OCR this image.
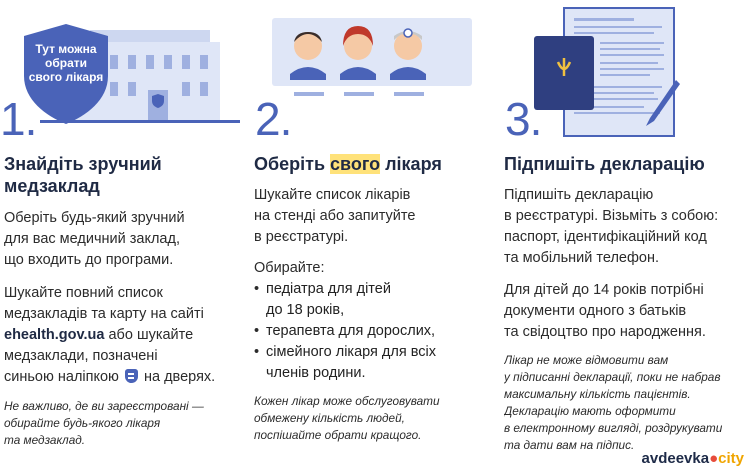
Тут можна
обрати
свого лікаря
1.
Знайдіть зручний
медзаклад
Оберіть будь-який зручний
для вас медичний заклад,
що входить до програми.
Шукайте повний список
медзакладів та карту на сайті
ehealth.gov.ua або шукайте
медзаклади, позначені
синьою наліпкою на дверях.
Не важливо, де ви зареєстровані —
обирайте будь-якого лікаря
та медзаклад.
2.
Оберіть свого лікаря
Шукайте список лікарів
на стенді або запитуйте
в реєстратурі.
Обирайте:
• педіатра для дітей
до 18 років,
• терапевта для дорослих,
• сімейного лікаря для всіх
членів родини.
Кожен лікар може обслуговувати
обмежену кількість людей,
поспішайте обрати кращого.
3.
Підпишіть декларацію
Підпишіть декларацію
в реєстратурі. Візьміть з собою:
паспорт, ідентифікаційний код
та мобільний телефон.
Для дітей до 14 років потрібні
документи одного з батьків
та свідоцтво про народження.
Лікар не може відмовити вам
у підписанні декларації, поки не набрав
максимальну кількість пацієнтів.
Декларацію мають оформити
в електронному вигляді, роздрукувати
та дати вам на підпис.
avdeevka●city
